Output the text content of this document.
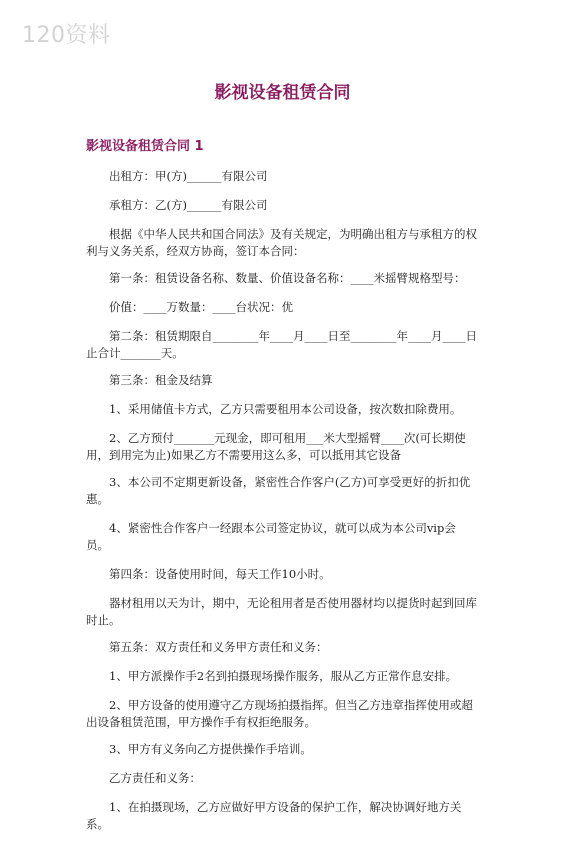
120资料
影视设备租赁合同
影视设备租赁合同 1

出租方：甲(方)______有限公司

承租方：乙(方)______有限公司

根据《中华人民共和国合同法》及有关规定，为明确出租方与承租方的权利与义务关系，经双方协商，签订本合同：

第一条：租赁设备名称、数量、价值设备名称：____米摇臂规格型号：

价值：____万数量：____台状况：优

第二条：租赁期限自________年____月____日至________年____月____日止合计_______天。

第三条：租金及结算

1、采用储值卡方式，乙方只需要租用本公司设备，按次数扣除费用。

2、乙方预付_______元现金，即可租用___米大型摇臂____次(可长期使用，到用完为止)如果乙方不需要用这么多，可以抵用其它设备

3、本公司不定期更新设备，紧密性合作客户(乙方)可享受更好的折扣优惠。

4、紧密性合作客户一经跟本公司签定协议，就可以成为本公司vip会员。

第四条：设备使用时间，每天工作10小时。

器材租用以天为计，期中，无论租用者是否使用器材均以提货时起到回库时止。

第五条：双方责任和义务甲方责任和义务：

1、甲方派操作手2名到拍摄现场操作服务，服从乙方正常作息安排。

2、甲方设备的使用遵守乙方现场拍摄指挥。但当乙方违章指挥使用或超出设备租赁范围，甲方操作手有权拒绝服务。

3、甲方有义务向乙方提供操作手培训。

乙方责任和义务：

1、在拍摄现场，乙方应做好甲方设备的保护工作，解决协调好地方关系。
